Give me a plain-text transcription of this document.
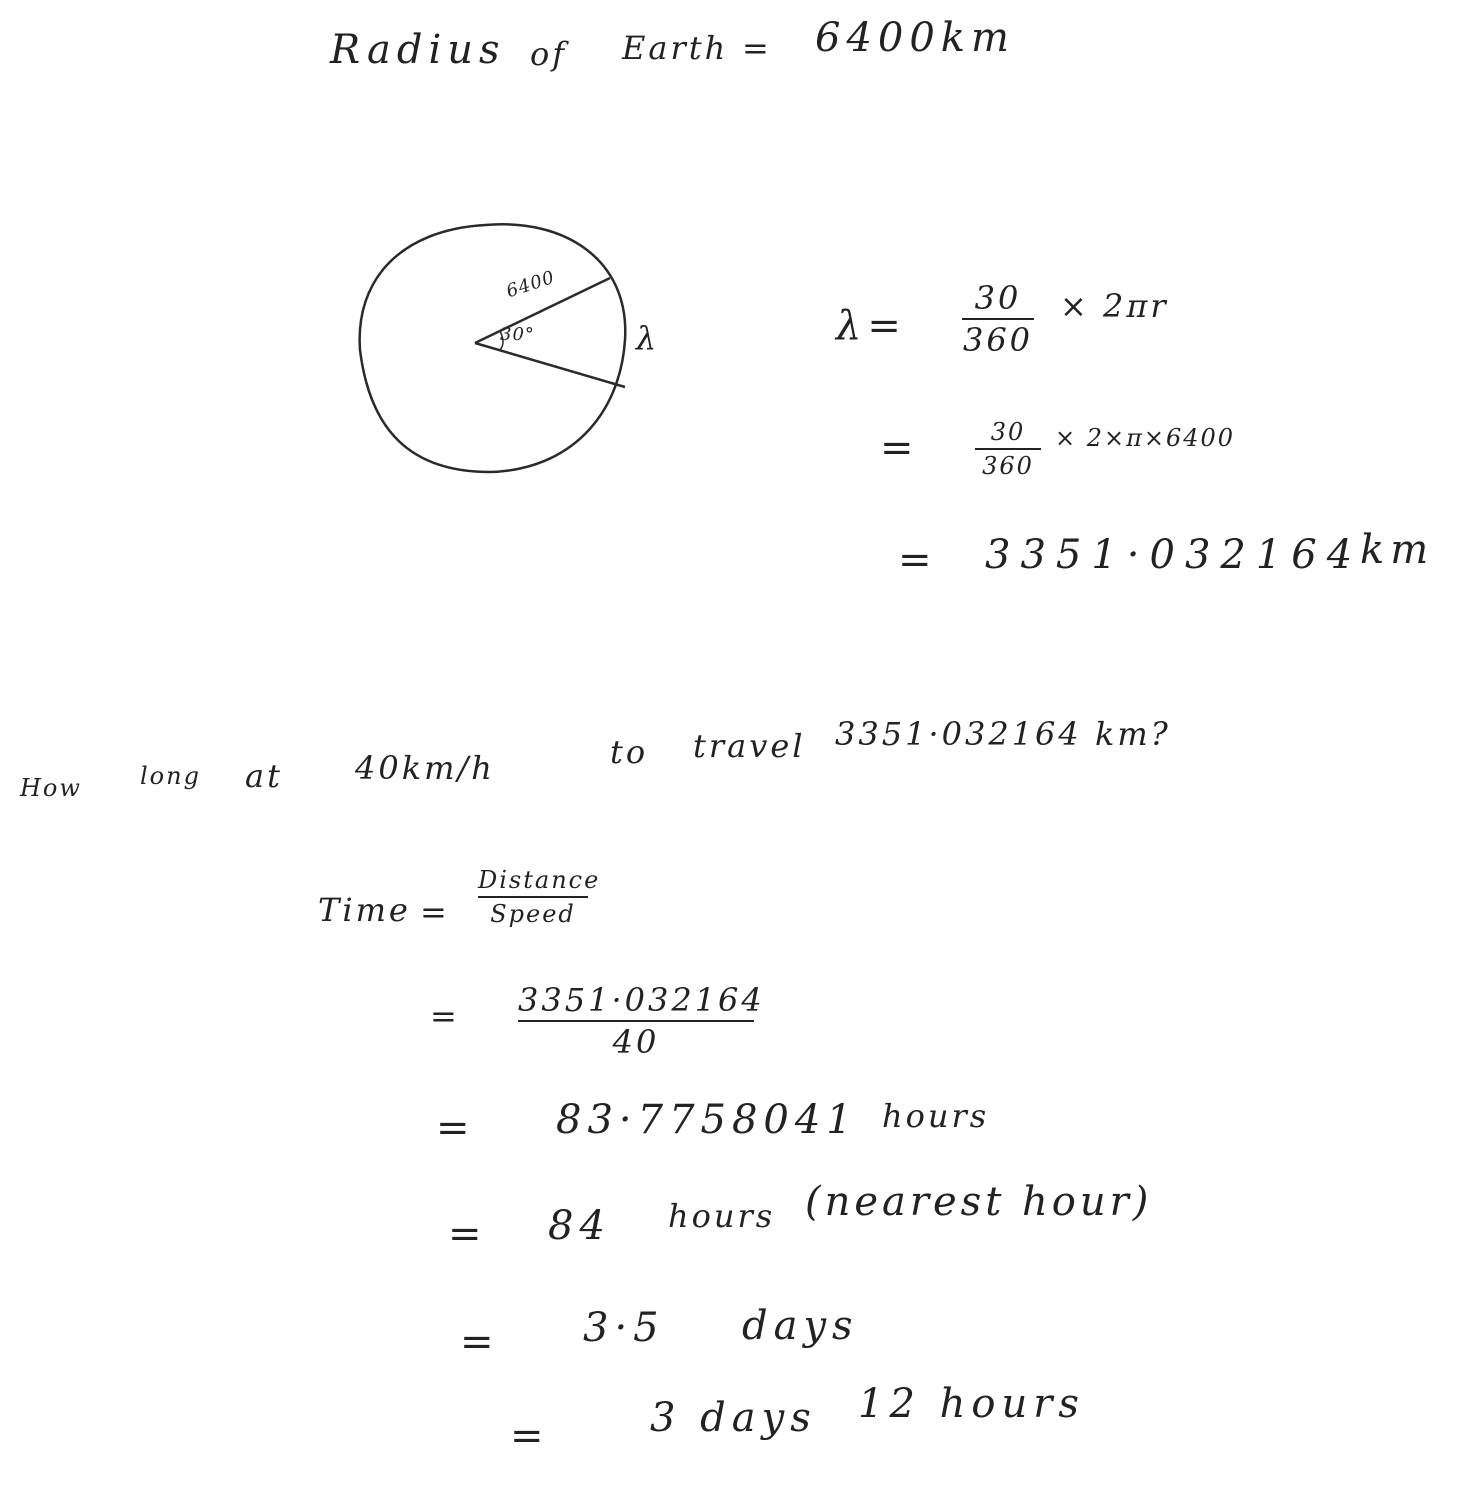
Radius of Earth = 6400km
6400
30°	λ	λ=
30
360
× 2πr
=	30
360
× 2×π×6400
= 3351·032164
km
How long at 40km/h	to travel 3351·032164 km?
Time =
Distance
Speed
= 3351·032164
40
= 83·7758041 hours
= 84 hours (nearest hour)
= 3·5 days
=	3 days 12 hours
